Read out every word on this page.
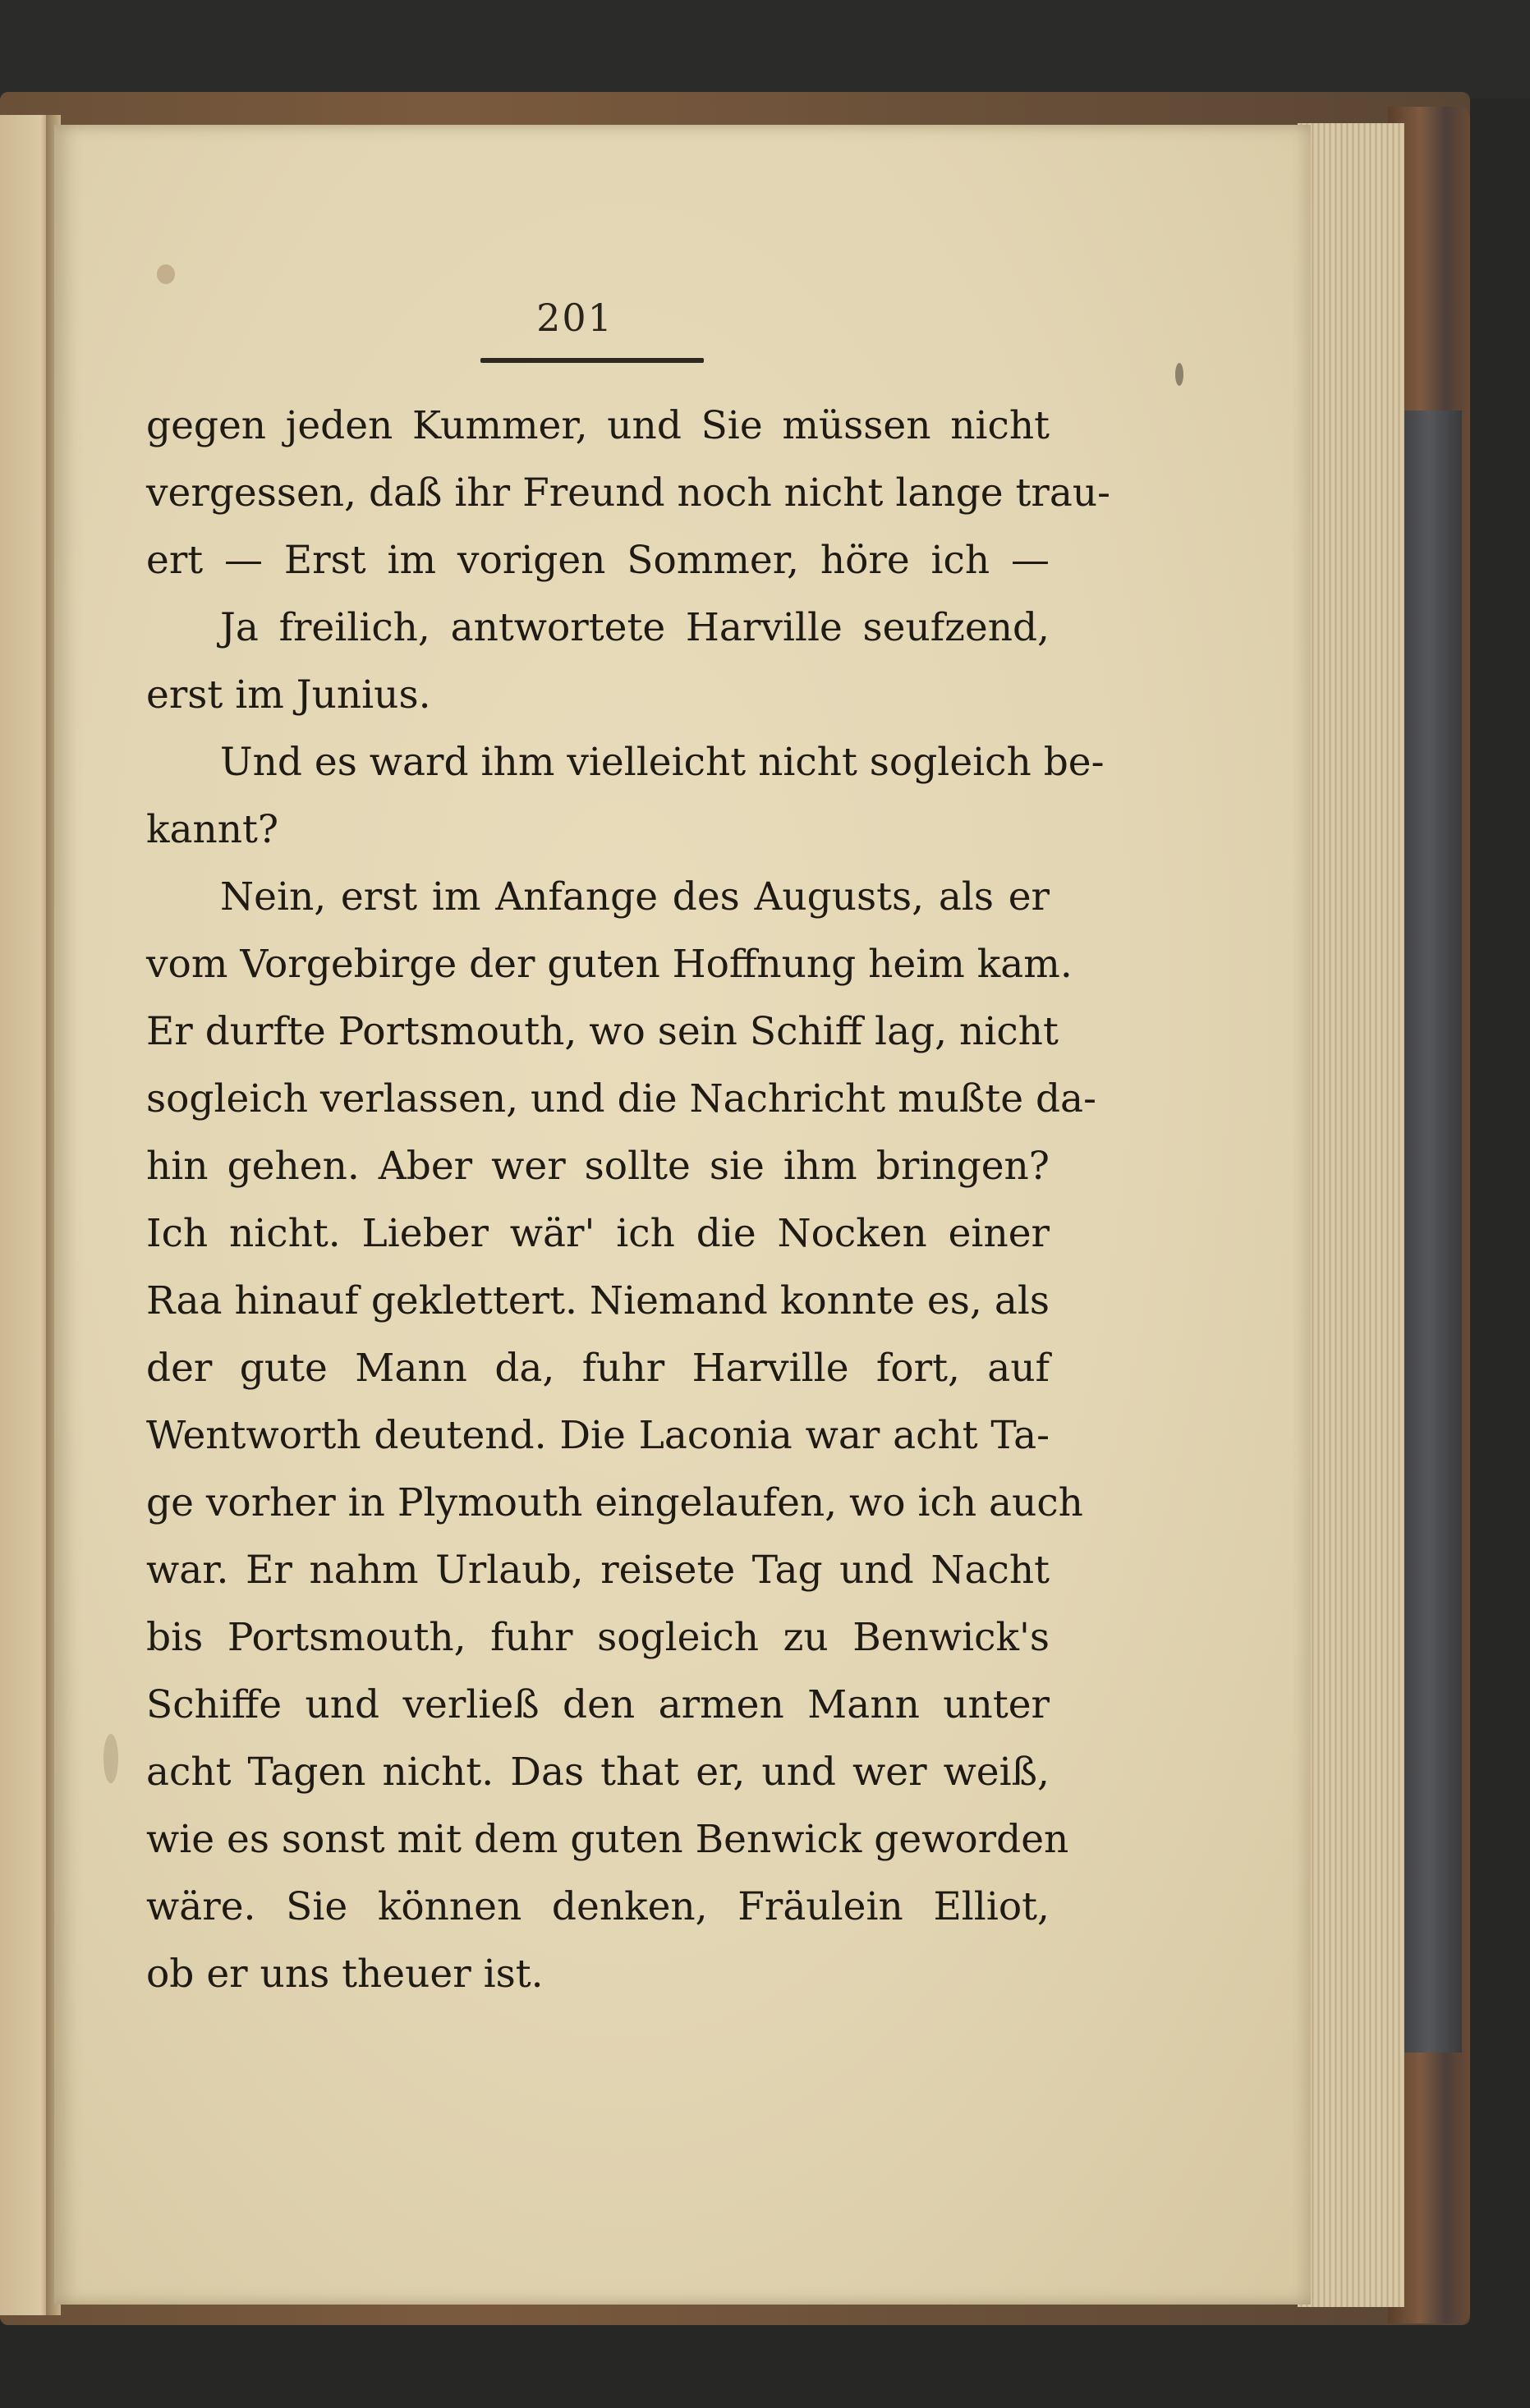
201
gegen jeden Kummer, und Sie müssen nicht
vergessen, daß ihr Freund noch nicht lange trau-
ert — Erst im vorigen Sommer, höre ich —
Ja freilich, antwortete Harville seufzend,
erst im Junius.
Und es ward ihm vielleicht nicht sogleich be-
kannt?
Nein, erst im Anfange des Augusts, als er
vom Vorgebirge der guten Hoffnung heim kam.
Er durfte Portsmouth, wo sein Schiff lag, nicht
sogleich verlassen, und die Nachricht mußte da-
hin gehen. Aber wer sollte sie ihm bringen?
Ich nicht. Lieber wär' ich die Nocken einer
Raa hinauf geklettert. Niemand konnte es, als
der gute Mann da, fuhr Harville fort, auf
Wentworth deutend. Die Laconia war acht Ta-
ge vorher in Plymouth eingelaufen, wo ich auch
war. Er nahm Urlaub, reisete Tag und Nacht
bis Portsmouth, fuhr sogleich zu Benwick's
Schiffe und verließ den armen Mann unter
acht Tagen nicht. Das that er, und wer weiß,
wie es sonst mit dem guten Benwick geworden
wäre. Sie können denken, Fräulein Elliot,
ob er uns theuer ist.
